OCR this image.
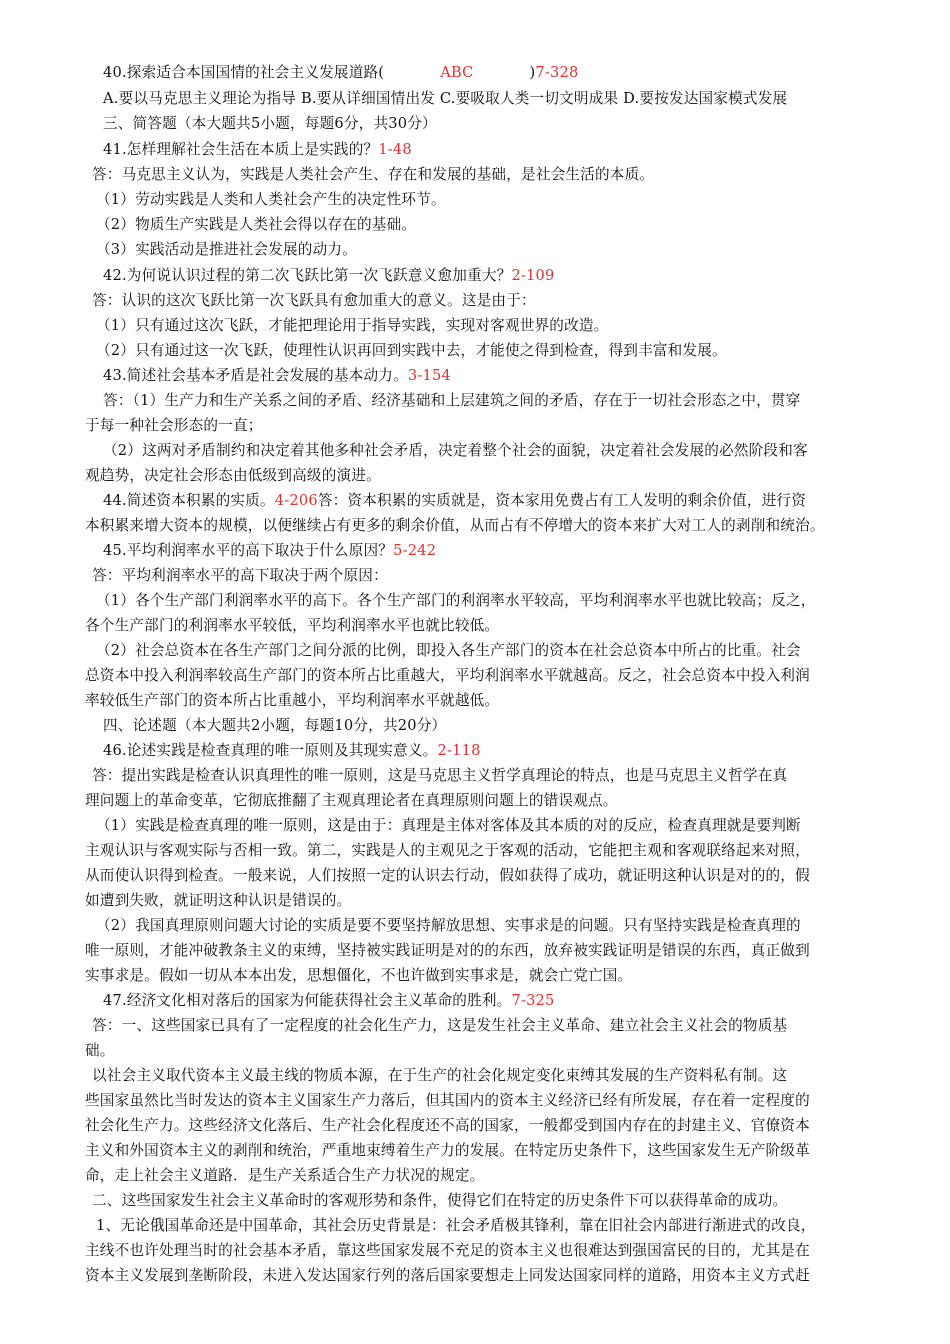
40.探索适合本国国情的社会主义发展道路(	ABC	)7-328
A.要以马克思主义理论为指导 B.要从详细国情出发 C.要吸取人类一切文明成果 D.要按发达国家模式发展
三、简答题（本大题共5小题，每题6分，共30分）
41.怎样理解社会生活在本质上是实践的？1-48
答：马克思主义认为，实践是人类社会产生、存在和发展的基础，是社会生活的本质。
（1）劳动实践是人类和人类社会产生的决定性环节。
（2）物质生产实践是人类社会得以存在的基础。
（3）实践活动是推进社会发展的动力。
42.为何说认识过程的第二次飞跃比第一次飞跃意义愈加重大？2-109
答：认识的这次飞跃比第一次飞跃具有愈加重大的意义。这是由于：
（1）只有通过这次飞跃，才能把理论用于指导实践，实现对客观世界的改造。
（2）只有通过这一次飞跃，使理性认识再回到实践中去，才能使之得到检查，得到丰富和发展。
43.简述社会基本矛盾是社会发展的基本动力。3-154
答：（1）生产力和生产关系之间的矛盾、经济基础和上层建筑之间的矛盾，存在于一切社会形态之中，贯穿
于每一种社会形态的一直；
（2）这两对矛盾制约和决定着其他多种社会矛盾，决定着整个社会的面貌，决定着社会发展的必然阶段和客
观趋势，决定社会形态由低级到高级的演进。
44.简述资本积累的实质。4-206答：资本积累的实质就是，资本家用免费占有工人发明的剩余价值，进行资
本积累来增大资本的规模，以便继续占有更多的剩余价值，从而占有不停增大的资本来扩大对工人的剥削和统治。
45.平均利润率水平的高下取决于什么原因？5-242
答：平均利润率水平的高下取决于两个原因：
（1）各个生产部门利润率水平的高下。各个生产部门的利润率水平较高，平均利润率水平也就比较高；反之，
各个生产部门的利润率水平较低，平均利润率水平也就比较低。
（2）社会总资本在各生产部门之间分派的比例，即投入各生产部门的资本在社会总资本中所占的比重。社会
总资本中投入利润率较高生产部门的资本所占比重越大，平均利润率水平就越高。反之，社会总资本中投入利润
率较低生产部门的资本所占比重越小，平均利润率水平就越低。
四、论述题（本大题共2小题，每题10分，共20分）
46.论述实践是检查真理的唯一原则及其现实意义。2-118
答：提出实践是检查认识真理性的唯一原则，这是马克思主义哲学真理论的特点，也是马克思主义哲学在真
理问题上的革命变革，它彻底推翻了主观真理论者在真理原则问题上的错误观点。
（1）实践是检查真理的唯一原则，这是由于：真理是主体对客体及其本质的对的反应，检查真理就是要判断
主观认识与客观实际与否相一致。第二，实践是人的主观见之于客观的活动，它能把主观和客观联络起来对照，
从而使认识得到检查。一般来说，人们按照一定的认识去行动，假如获得了成功，就证明这种认识是对的的，假
如遭到失败，就证明这种认识是错误的。
（2）我国真理原则问题大讨论的实质是要不要坚持解放思想、实事求是的问题。只有坚持实践是检查真理的
唯一原则，才能冲破教条主义的束缚，坚持被实践证明是对的的东西，放弃被实践证明是错误的东西，真正做到
实事求是。假如一切从本本出发，思想僵化，不也许做到实事求是，就会亡党亡国。
47.经济文化相对落后的国家为何能获得社会主义革命的胜利。7-325
答：一、这些国家已具有了一定程度的社会化生产力，这是发生社会主义革命、建立社会主义社会的物质基
础。
以社会主义取代资本主义最主线的物质本源，在于生产的社会化规定变化束缚其发展的生产资料私有制。这
些国家虽然比当时发达的资本主义国家生产力落后，但其国内的资本主义经济已经有所发展，存在着一定程度的
社会化生产力。这些经济文化落后、生产社会化程度还不高的国家，一般都受到国内存在的封建主义、官僚资本
主义和外国资本主义的剥削和统治，严重地束缚着生产力的发展。在特定历史条件下，这些国家发生无产阶级革
命，走上社会主义道路．是生产关系适合生产力状况的规定。
二、这些国家发生社会主义革命时的客观形势和条件，使得它们在特定的历史条件下可以获得革命的成功。
1、无论俄国革命还是中国革命，其社会历史背景是：社会矛盾极其锋利，靠在旧社会内部进行渐进式的改良，
主线不也许处理当时的社会基本矛盾，靠这些国家发展不充足的资本主义也很难达到强国富民的目的，尤其是在
资本主义发展到垄断阶段，未进入发达国家行列的落后国家要想走上同发达国家同样的道路，用资本主义方式赶
